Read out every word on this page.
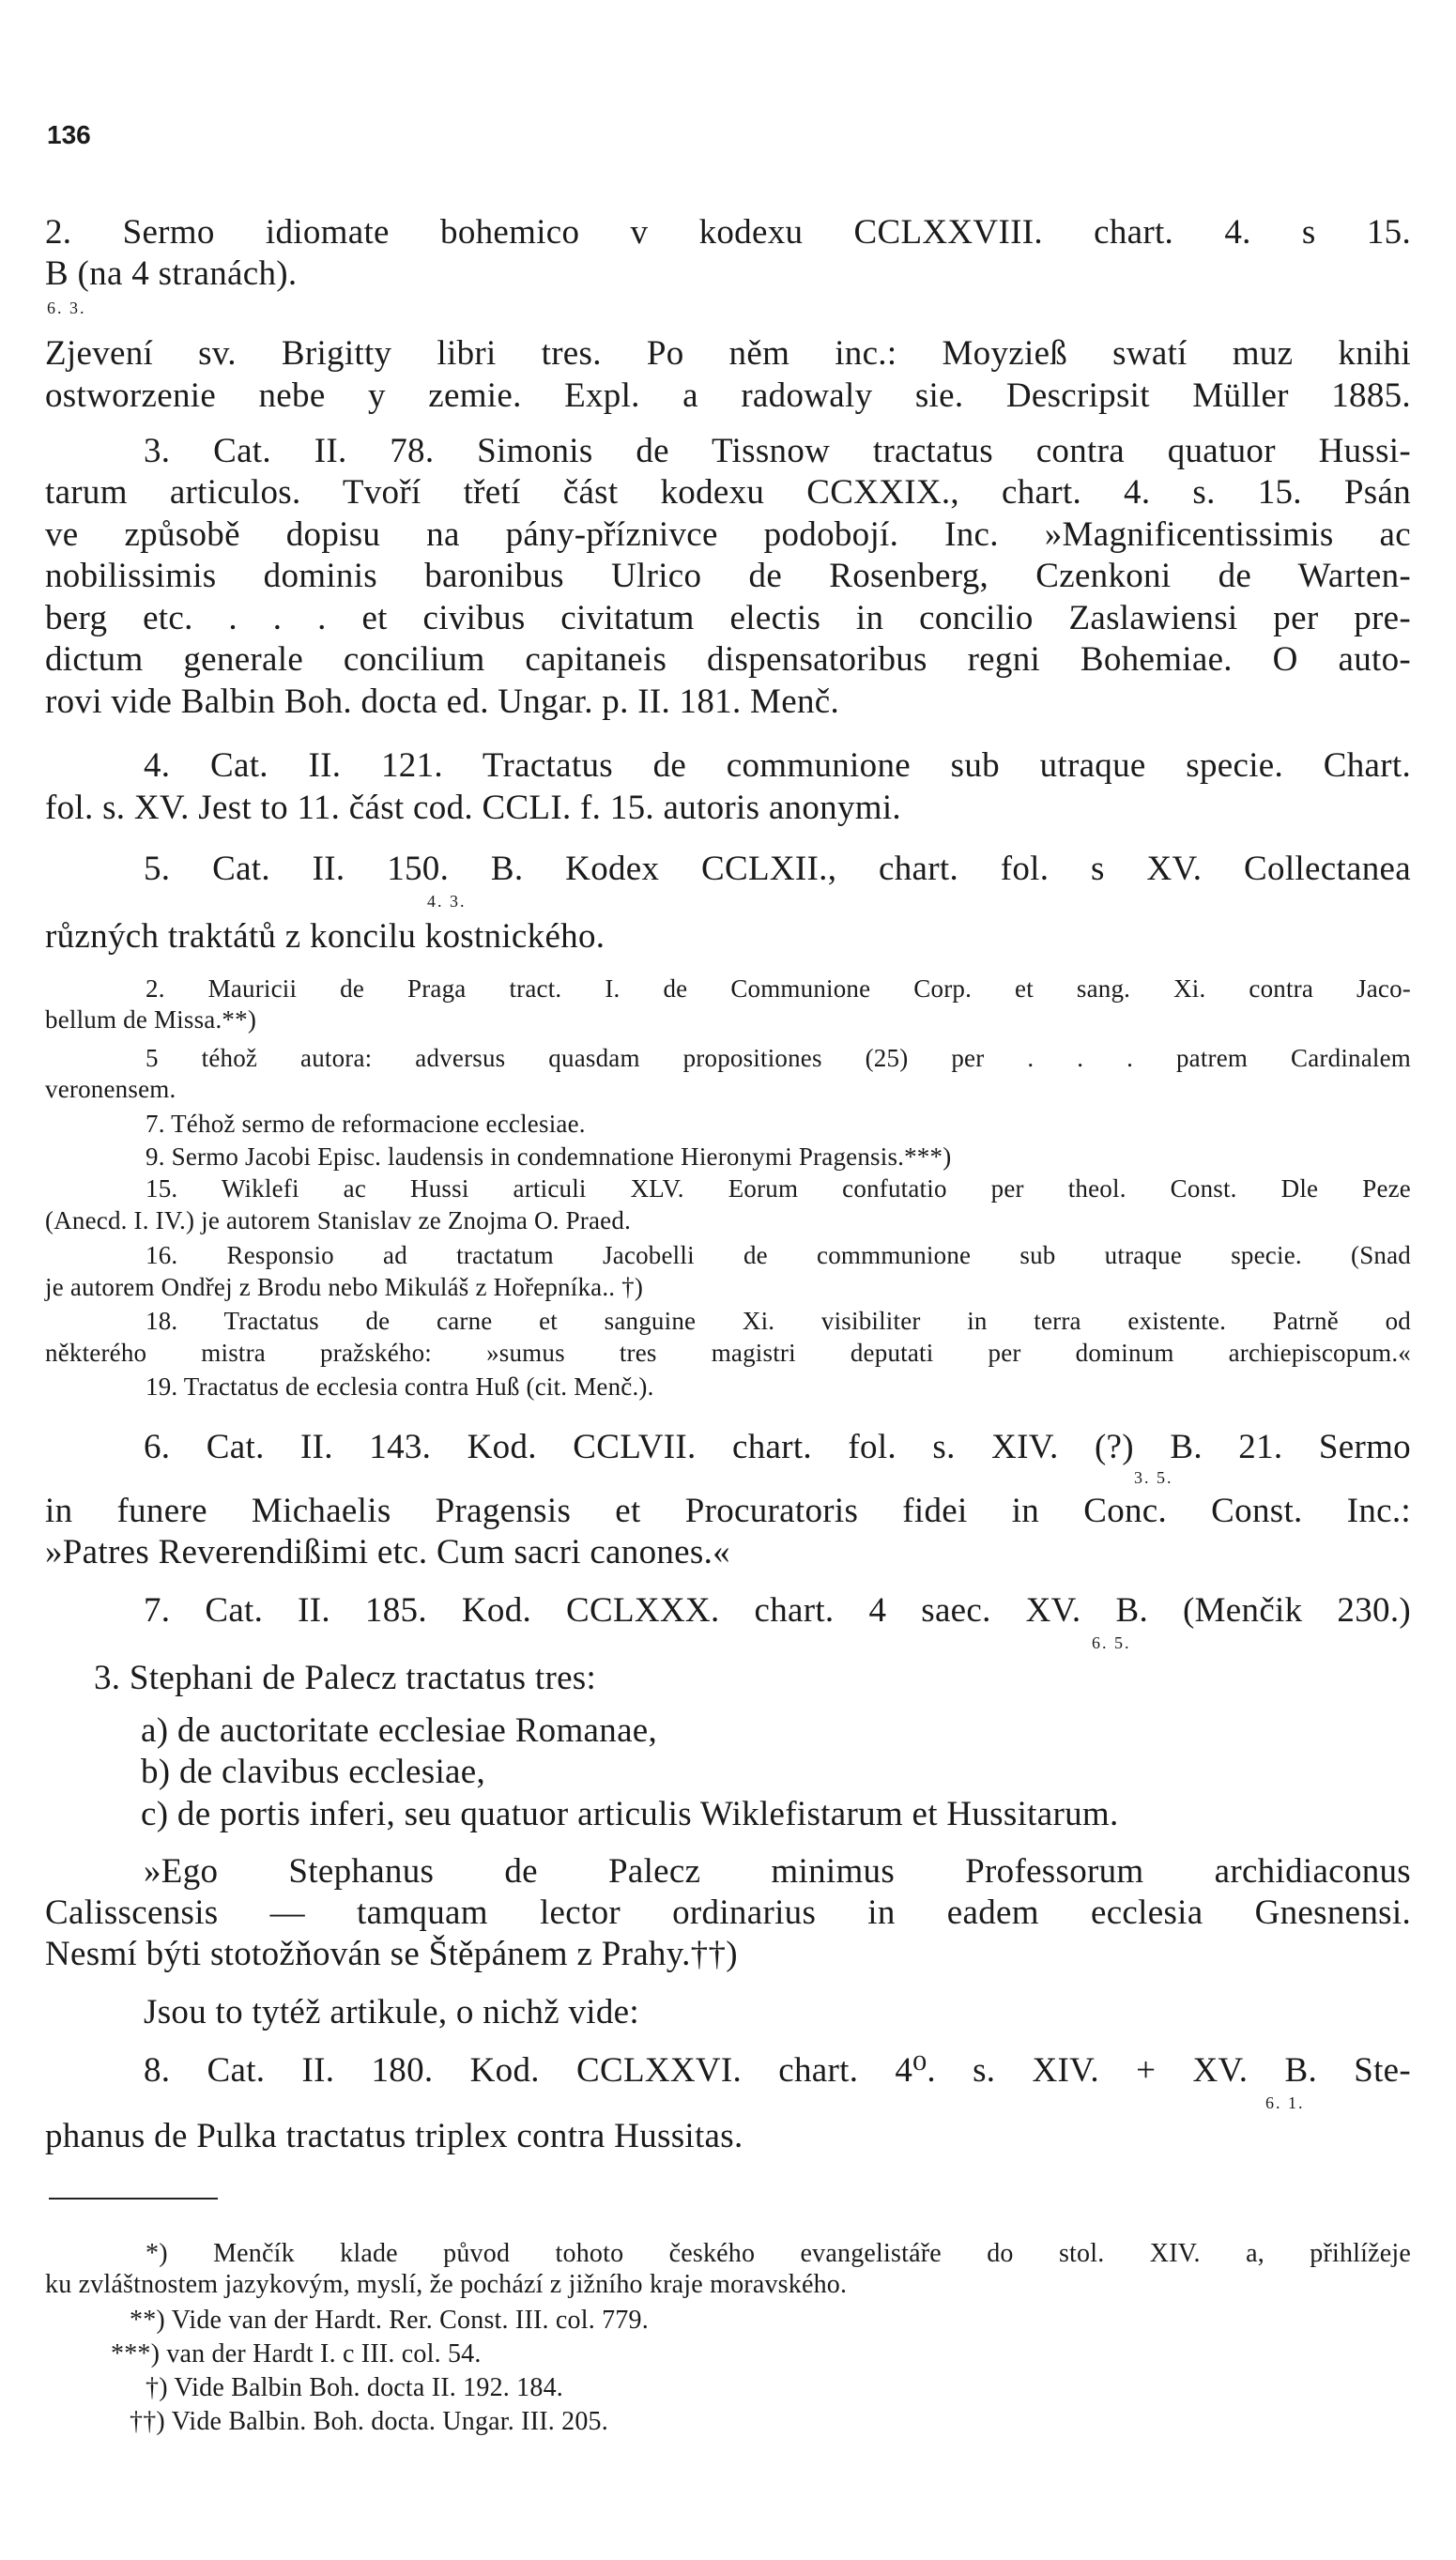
136

2. Sermo idiomate bohemico v kodexu CCLXXVIII. chart. 4. s 15.

B (na 4 stranách).

6. 3.

Zjevení sv. Brigitty libri tres. Po něm inc.: Moyzieß swatí muz knihi

ostworzenie nebe y zemie. Expl. a radowaly sie. Descripsit Müller 1885.

3. Cat. II. 78. Simonis de Tissnow tractatus contra quatuor Hussi-

tarum articulos. Tvoří třetí část kodexu CCXXIX., chart. 4. s. 15. Psán

ve způsobě dopisu na pány-příznivce podobojí. Inc. »Magnificentissimis ac

nobilissimis dominis baronibus Ulrico de Rosenberg, Czenkoni de Warten-

berg etc. . . . et civibus civitatum electis in concilio Zaslawiensi per pre-

dictum generale concilium capitaneis dispensatoribus regni Bohemiae. O auto-

rovi vide Balbin Boh. docta ed. Ungar. p. II. 181. Menč.

4. Cat. II. 121. Tractatus de communione sub utraque specie. Chart.

fol. s. XV. Jest to 11. část cod. CCLI. f. 15. autoris anonymi.

5. Cat. II. 150. B. Kodex CCLXII., chart. fol. s XV. Collectanea

4. 3.

různých traktátů z koncilu kostnického.

2. Mauricii de Praga tract. I. de Communione Corp. et sang. Xi. contra Jaco-

bellum de Missa.**)

5 téhož autora: adversus quasdam propositiones (25) per . . . patrem Cardinalem

veronensem.

7. Téhož sermo de reformacione ecclesiae.

9. Sermo Jacobi Episc. laudensis in condemnatione Hieronymi Pragensis.***)

15. Wiklefi ac Hussi articuli XLV. Eorum confutatio per theol. Const. Dle Peze

(Anecd. I. IV.) je autorem Stanislav ze Znojma O. Praed.

16. Responsio ad tractatum Jacobelli de commmunione sub utraque specie. (Snad

je autorem Ondřej z Brodu nebo Mikuláš z Hořepníka.. †)

18. Tractatus de carne et sanguine Xi. visibiliter in terra existente. Patrně od

některého mistra pražského: »sumus tres magistri deputati per dominum archiepiscopum.«

19. Tractatus de ecclesia contra Huß (cit. Menč.).

6. Cat. II. 143. Kod. CCLVII. chart. fol. s. XIV. (?) B. 21. Sermo

3. 5.

in funere Michaelis Pragensis et Procuratoris fidei in Conc. Const. Inc.:

»Patres Reverendißimi etc. Cum sacri canones.«

7. Cat. II. 185. Kod. CCLXXX. chart. 4 saec. XV. B. (Menčik 230.)

6. 5.

3. Stephani de Palecz tractatus tres:

a) de auctoritate ecclesiae Romanae,

b) de clavibus ecclesiae,

c) de portis inferi, seu quatuor articulis Wiklefistarum et Hussitarum.

»Ego Stephanus de Palecz minimus Professorum archidiaconus

Calisscensis — tamquam lector ordinarius in eadem ecclesia Gnesnensi.

Nesmí býti stotožňován se Štěpánem z Prahy.††)

Jsou to tytéž artikule, o nichž vide:

8. Cat. II. 180. Kod. CCLXXVI. chart. 4⁰. s. XIV. + XV. B. Ste-

6. 1.

phanus de Pulka tractatus triplex contra Hussitas.

*) Menčík klade původ tohoto českého evangelistáře do stol. XIV. a, přihlížeje

ku zvláštnostem jazykovým, myslí, že pochází z jižního kraje moravského.

**) Vide van der Hardt. Rer. Const. III. col. 779.

***) van der Hardt I. c III. col. 54.

†) Vide Balbin Boh. docta II. 192. 184.

††) Vide Balbin. Boh. docta. Ungar. III. 205.
